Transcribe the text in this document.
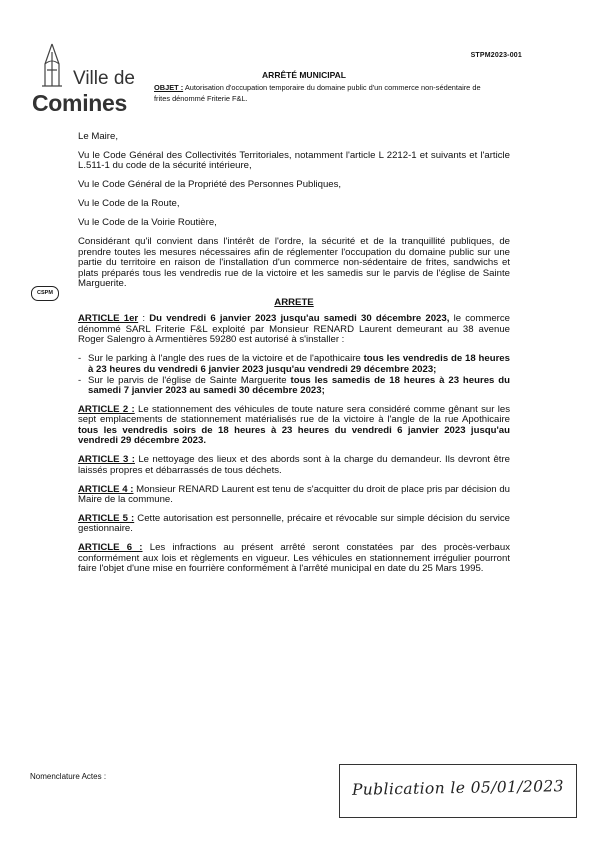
STPM2023-001
Ville de
Comines
ARRÊTÉ MUNICIPAL
OBJET : Autorisation d'occupation temporaire du domaine public d'un commerce non-sédentaire de frites dénommé Friterie F&L.
CSPM

Le Maire,

Vu le Code Général des Collectivités Territoriales, notamment l'article L 2212-1 et suivants et l'article L.511-1 du code de la sécurité intérieure,

Vu le Code Général de la Propriété des Personnes Publiques,

Vu le Code de la Route,

Vu le Code de la Voirie Routière,

Considérant qu'il convient dans l'intérêt de l'ordre, la sécurité et de la tranquillité publiques, de prendre toutes les mesures nécessaires afin de réglementer l'occupation du domaine public sur une partie du territoire en raison de l'installation d'un commerce non-sédentaire de frites, sandwichs et plats préparés tous les vendredis rue de la victoire et les samedis sur le parvis de l'église de Sainte Marguerite.

ARRETE

ARTICLE 1er : Du vendredi 6 janvier 2023 jusqu'au samedi 30 décembre 2023, le commerce dénommé SARL Friterie F&L exploité par Monsieur RENARD Laurent demeurant au 38 avenue Roger Salengro à Armentières 59280 est autorisé à s'installer :

- Sur le parking à l'angle des rues de la victoire et de l'apothicaire tous les vendredis de 18 heures à 23 heures du vendredi 6 janvier 2023 jusqu'au vendredi 29 décembre 2023;
- Sur le parvis de l'église de Sainte Marguerite tous les samedis de 18 heures à 23 heures du samedi 7 janvier 2023 au samedi 30 décembre 2023;

ARTICLE 2 : Le stationnement des véhicules de toute nature sera considéré comme gênant sur les sept emplacements de stationnement matérialisés rue de la victoire à l'angle de la rue Apothicaire tous les vendredis soirs de 18 heures à 23 heures du vendredi 6 janvier 2023 jusqu'au vendredi 29 décembre 2023.

ARTICLE 3 : Le nettoyage des lieux et des abords sont à la charge du demandeur. Ils devront être laissés propres et débarrassés de tous déchets.

ARTICLE 4 : Monsieur RENARD Laurent est tenu de s'acquitter du droit de place pris par décision du Maire de la commune.

ARTICLE 5 : Cette autorisation est personnelle, précaire et révocable sur simple décision du service gestionnaire.

ARTICLE 6 : Les infractions au présent arrêté seront constatées par des procès-verbaux conformément aux lois et règlements en vigueur. Les véhicules en stationnement irrégulier pourront faire l'objet d'une mise en fourrière conformément à l'arrêté municipal en date du 25 Mars 1995.

Nomenclature Actes :
Publication le 05/01/2023
